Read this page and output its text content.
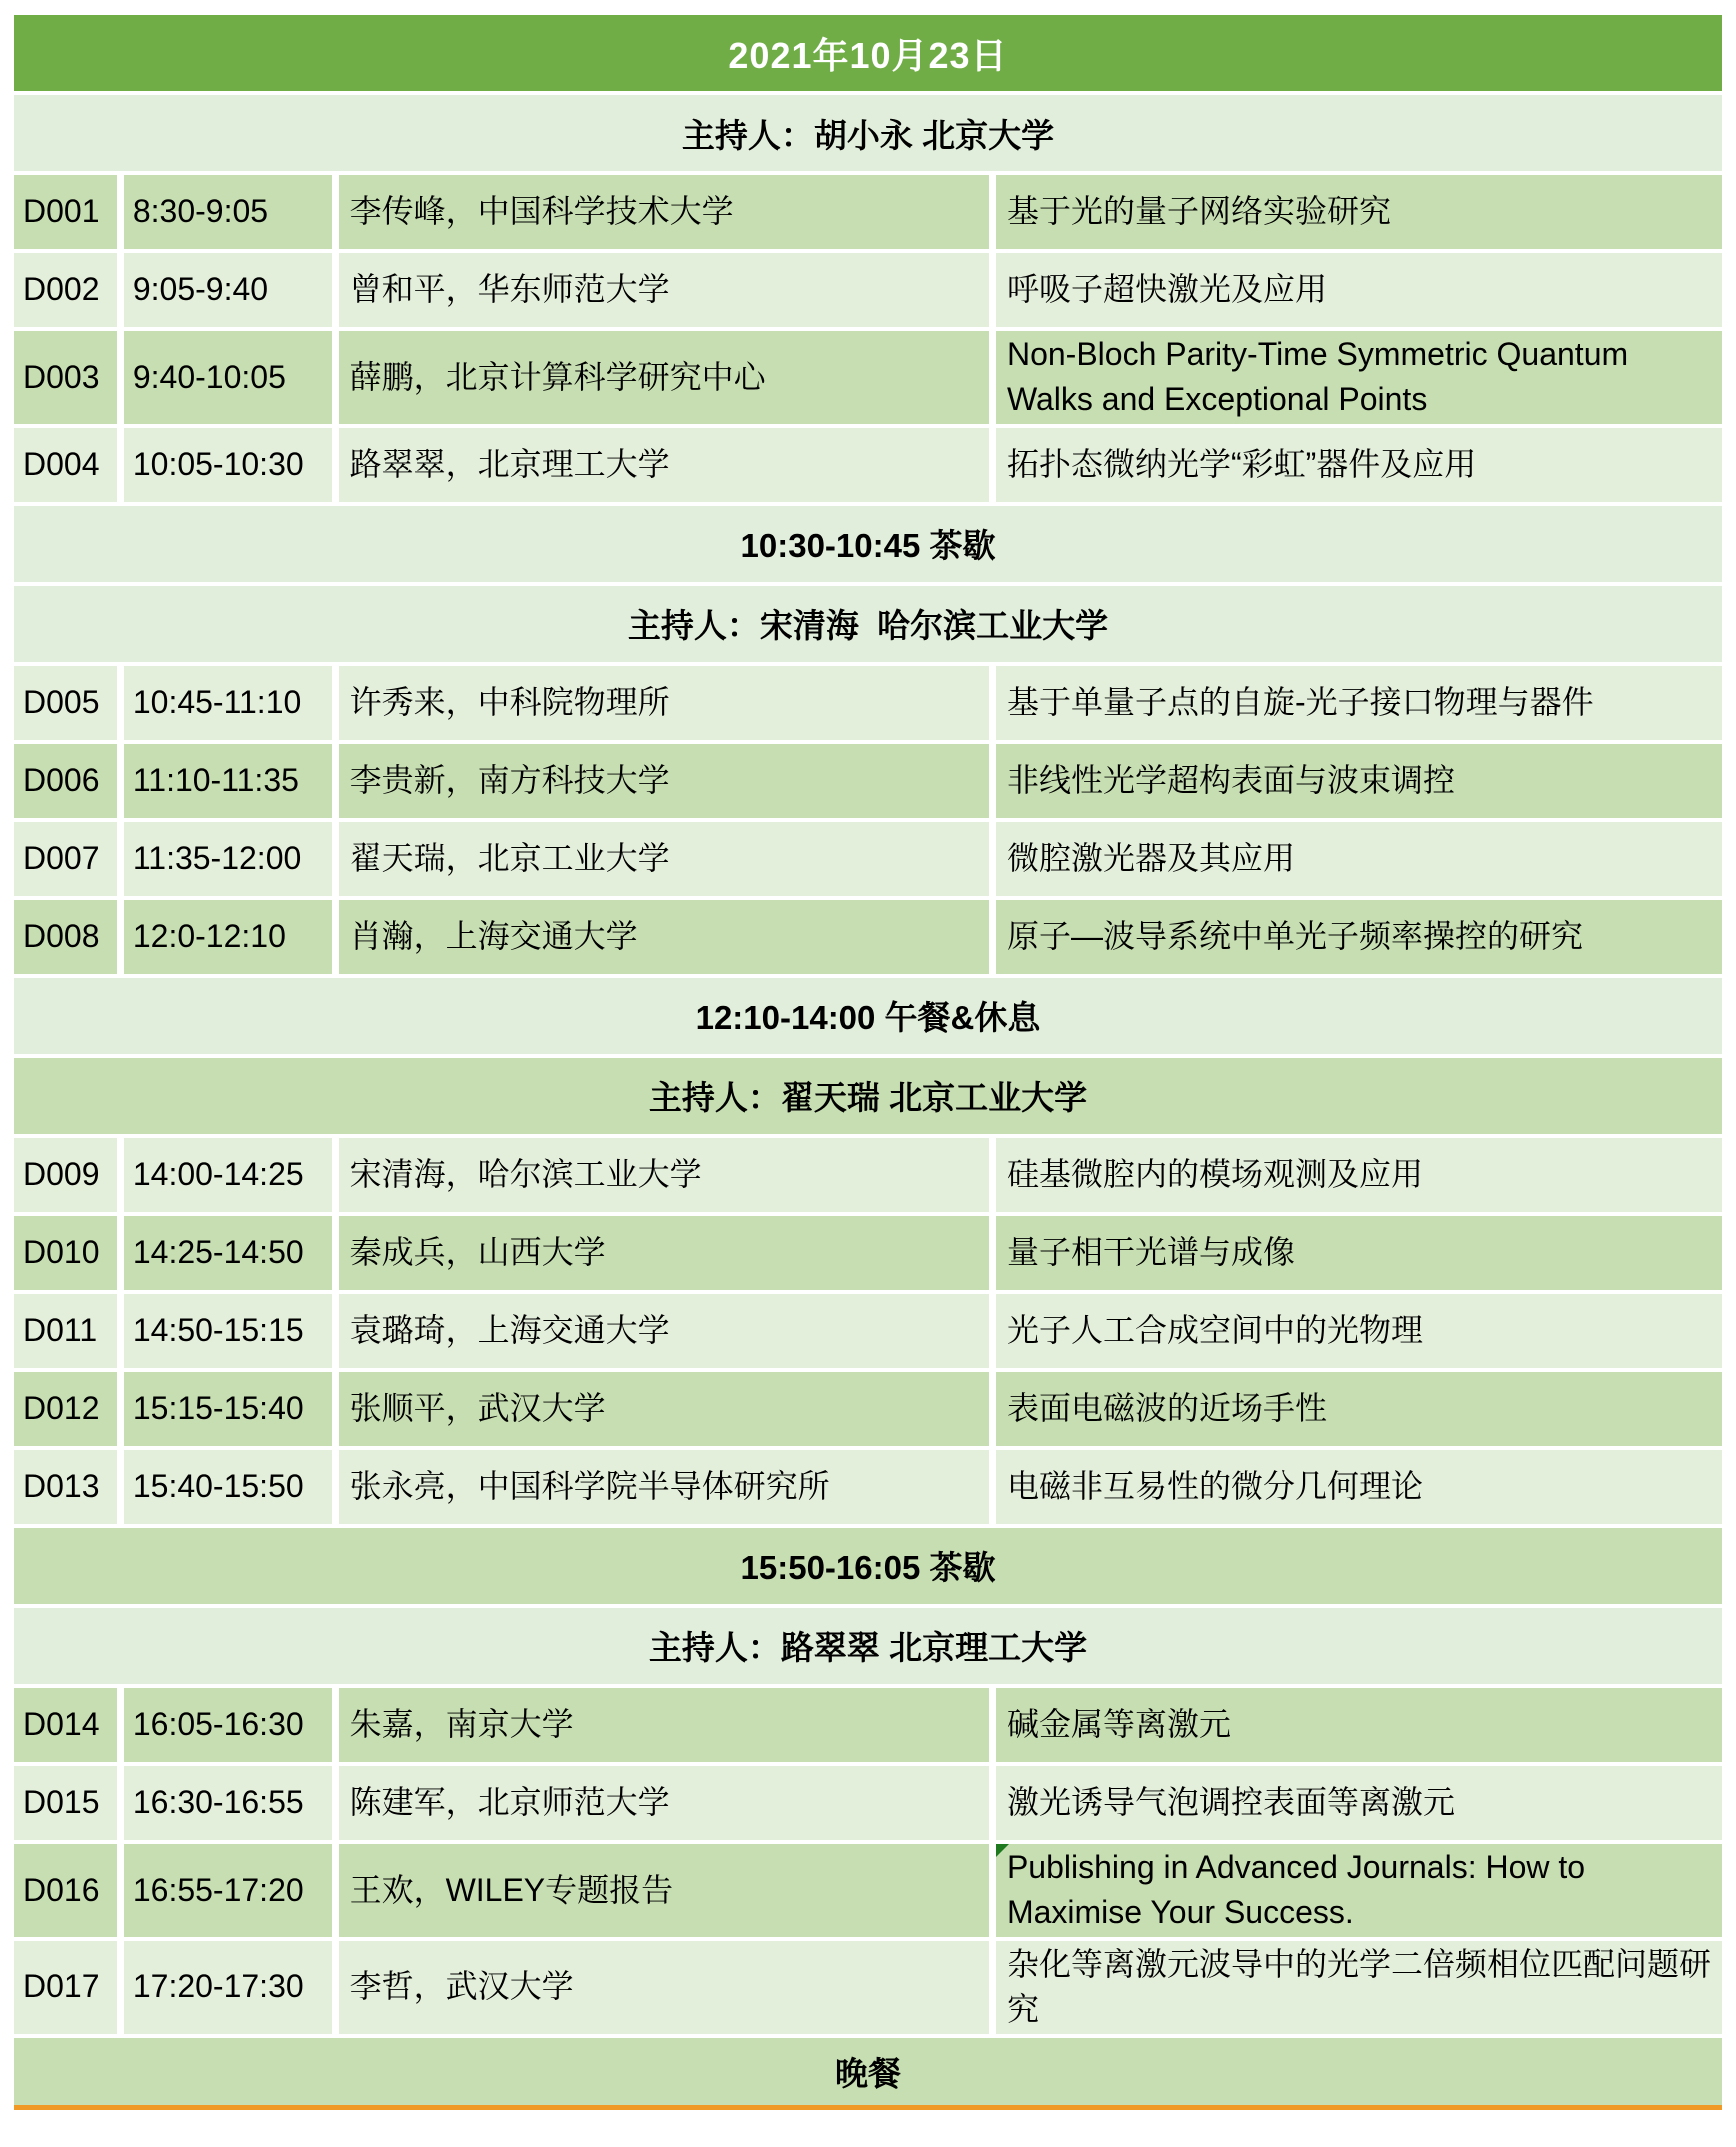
2021年10月23日			
主持人：胡小永 北京大学			
D001	8:30-9:05	李传峰，中国科学技术大学	基于光的量子网络实验研究
D002	9:05-9:40	曾和平，华东师范大学	呼吸子超快激光及应用
D003	9:40-10:05	薛鹏，北京计算科学研究中心	Non-Bloch Parity-Time Symmetric Quantum Walks and Exceptional Points
D004	10:05-10:30	路翠翠，北京理工大学	拓扑态微纳光学“彩虹”器件及应用
10:30-10:45 茶歇			
主持人：宋清海  哈尔滨工业大学			
D005	10:45-11:10	许秀来，中科院物理所	基于单量子点的自旋-光子接口物理与器件
D006	11:10-11:35	李贵新，南方科技大学	非线性光学超构表面与波束调控
D007	11:35-12:00	翟天瑞，北京工业大学	微腔激光器及其应用
D008	12:0-12:10	肖瀚，上海交通大学	原子—波导系统中单光子频率操控的研究
12:10-14:00 午餐&休息			
主持人：翟天瑞 北京工业大学			
D009	14:00-14:25	宋清海，哈尔滨工业大学	硅基微腔内的模场观测及应用
D010	14:25-14:50	秦成兵，山西大学	量子相干光谱与成像
D011	14:50-15:15	袁璐琦，上海交通大学	光子人工合成空间中的光物理
D012	15:15-15:40	张顺平，武汉大学	表面电磁波的近场手性
D013	15:40-15:50	张永亮，中国科学院半导体研究所	电磁非互易性的微分几何理论
15:50-16:05 茶歇			
主持人：路翠翠 北京理工大学			
D014	16:05-16:30	朱嘉，南京大学	碱金属等离激元
D015	16:30-16:55	陈建军，北京师范大学	激光诱导气泡调控表面等离激元
D016	16:55-17:20	王欢，WILEY专题报告	Publishing in Advanced Journals: How to Maximise Your Success.
D017	17:20-17:30	李哲，武汉大学	杂化等离激元波导中的光学二倍频相位匹配问题研究
晚餐			
